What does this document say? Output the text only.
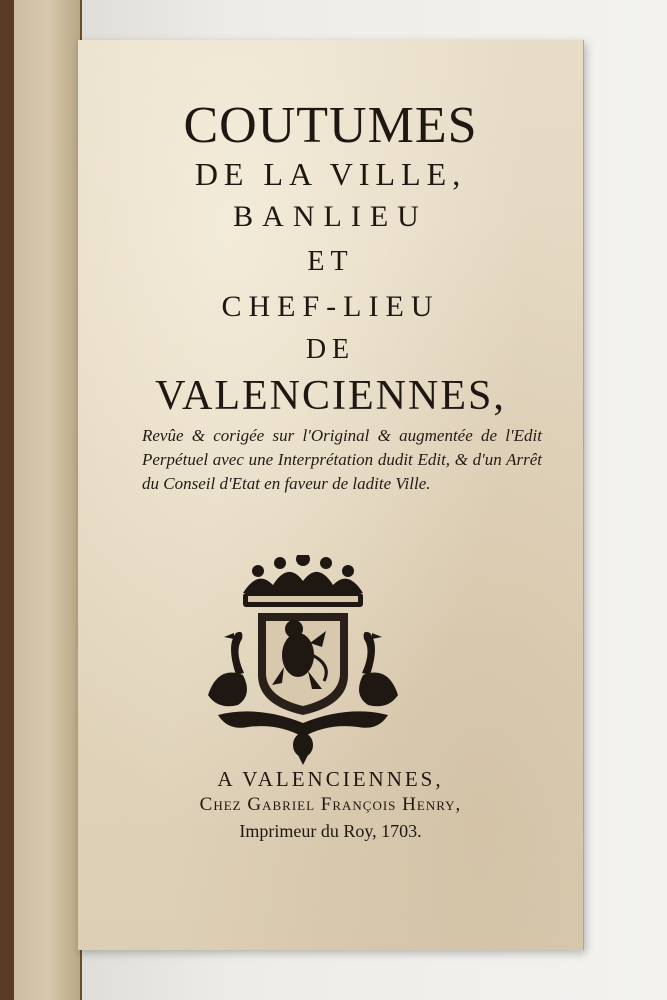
COUTUMES
DE LA VILLE,
BANLIEU
ET
CHEF-LIEU
DE
VALENCIENNES,
Revûe & corigée sur l'Original & augmentée de l'Edit Perpétuel avec une Interprétation dudit Edit, & d'un Arrêt du Conseil d'Etat en faveur de ladite Ville.
A VALENCIENNES,
Chez Gabriel François Henry,
Imprimeur du Roy, 1703.
